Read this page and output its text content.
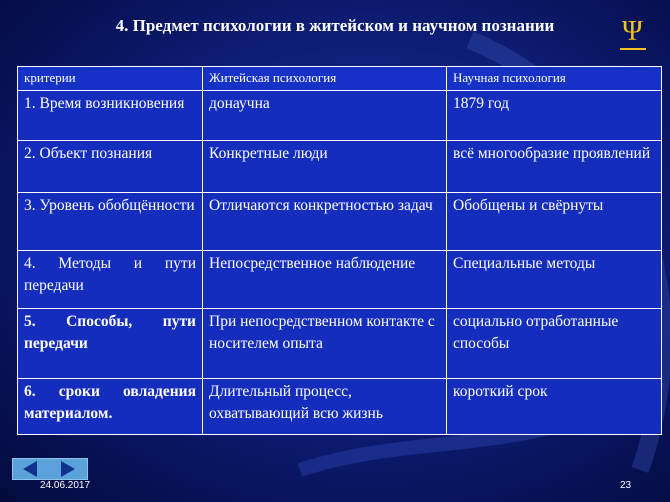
4. Предмет психологии в житейском и научном познании	Ψ
критерии	Житейская психология	Научная психология
1. Время возникновения	донаучна	1879 год
2. Объект познания	Конкретные люди	всё многообразие проявлений
3. Уровень обобщённости	Отличаются конкретностью задач	Обобщены и свёрнуты
4. Методы и пути передачи	Непосредственное наблюдение	Специальные методы
5. Способы, пути передачи	При непосредственном контакте с носителем опыта	социально отработанные способы
6. сроки овладения материалом.	Длительный процесс, охватывающий всю жизнь	короткий срок
24.06.2017	23
